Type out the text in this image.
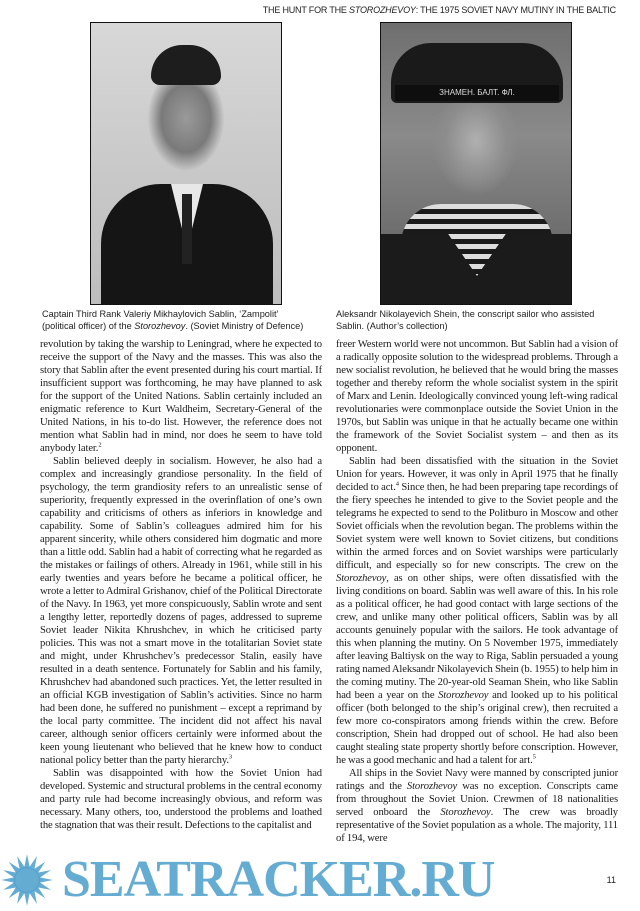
THE HUNT FOR THE STOROZHEVOY: THE 1975 SOVIET NAVY MUTINY IN THE BALTIC
ЗНАМЕН. БАЛТ. ФЛ.
Captain Third Rank Valeriy Mikhaylovich Sablin, ‘Zampolit’ (political officer) of the Storozhevoy. (Soviet Ministry of Defence)
Aleksandr Nikolayevich Shein, the conscript sailor who assisted Sablin. (Author’s collection)

revolution by taking the warship to Leningrad, where he expected to receive the support of the Navy and the masses. This was also the story that Sablin after the event presented during his court martial. If insufficient support was forthcoming, he may have planned to ask for the support of the United Nations. Sablin certainly included an enigmatic reference to Kurt Waldheim, Secretary-General of the United Nations, in his to-do list. However, the reference does not mention what Sablin had in mind, nor does he seem to have told anybody later.$^2$

Sablin believed deeply in socialism. However, he also had a complex and increasingly grandiose personality. In the field of psychology, the term grandiosity refers to an unrealistic sense of superiority, frequently expressed in the overinflation of one’s own capability and criticisms of others as inferiors in knowledge and capability. Some of Sablin’s colleagues admired him for his apparent sincerity, while others considered him dogmatic and more than a little odd. Sablin had a habit of correcting what he regarded as the mistakes or failings of others. Already in 1961, while still in his early twenties and years before he became a political officer, he wrote a letter to Admiral Grishanov, chief of the Political Directorate of the Navy. In 1963, yet more conspicuously, Sablin wrote and sent a lengthy letter, reportedly dozens of pages, addressed to supreme Soviet leader Nikita Khrushchev, in which he criticised party policies. This was not a smart move in the totalitarian Soviet state and might, under Khrushchev’s predecessor Stalin, easily have resulted in a death sentence. Fortunately for Sablin and his family, Khrushchev had abandoned such practices. Yet, the letter resulted in an official KGB investigation of Sablin’s activities. Since no harm had been done, he suffered no punishment – except a reprimand by the local party committee. The incident did not affect his naval career, although senior officers certainly were informed about the keen young lieutenant who believed that he knew how to conduct national policy better than the party hierarchy.$^3$

Sablin was disappointed with how the Soviet Union had developed. Systemic and structural problems in the central economy and party rule had become increasingly obvious, and reform was necessary. Many others, too, understood the problems and loathed the stagnation that was their result. Defections to the capitalist and

freer Western world were not uncommon. But Sablin had a vision of a radically opposite solution to the widespread problems. Through a new socialist revolution, he believed that he would bring the masses together and thereby reform the whole socialist system in the spirit of Marx and Lenin. Ideologically convinced young left-wing radical revolutionaries were commonplace outside the Soviet Union in the 1970s, but Sablin was unique in that he actually became one within the framework of the Soviet Socialist system – and then as its opponent.

Sablin had been dissatisfied with the situation in the Soviet Union for years. However, it was only in April 1975 that he finally decided to act.$^4$ Since then, he had been preparing tape recordings of the fiery speeches he intended to give to the Soviet people and the telegrams he expected to send to the Politburo in Moscow and other Soviet officials when the revolution began. The problems within the Soviet system were well known to Soviet citizens, but conditions within the armed forces and on Soviet warships were particularly difficult, and especially so for new conscripts. The crew on the Storozhevoy, as on other ships, were often dissatisfied with the living conditions on board. Sablin was well aware of this. In his role as a political officer, he had good contact with large sections of the crew, and unlike many other political officers, Sablin was by all accounts genuinely popular with the sailors. He took advantage of this when planning the mutiny. On 5 November 1975, immediately after leaving Baltiysk on the way to Riga, Sablin persuaded a young rating named Aleksandr Nikolayevich Shein (b. 1955) to help him in the coming mutiny. The 20-year-old Seaman Shein, who like Sablin had been a year on the Storozhevoy and looked up to his political officer (both belonged to the ship’s original crew), then recruited a few more co-conspirators among friends within the crew. Before conscription, Shein had dropped out of school. He had also been caught stealing state property shortly before conscription. However, he was a good mechanic and had a talent for art.$^5$

All ships in the Soviet Navy were manned by conscripted junior ratings and the Storozhevoy was no exception. Conscripts came from throughout the Soviet Union. Crewmen of 18 nationalities served onboard the Storozhevoy. The crew was broadly representative of the Soviet population as a whole. The majority, 111 of 194, were

SEATRACKER.RU	11
